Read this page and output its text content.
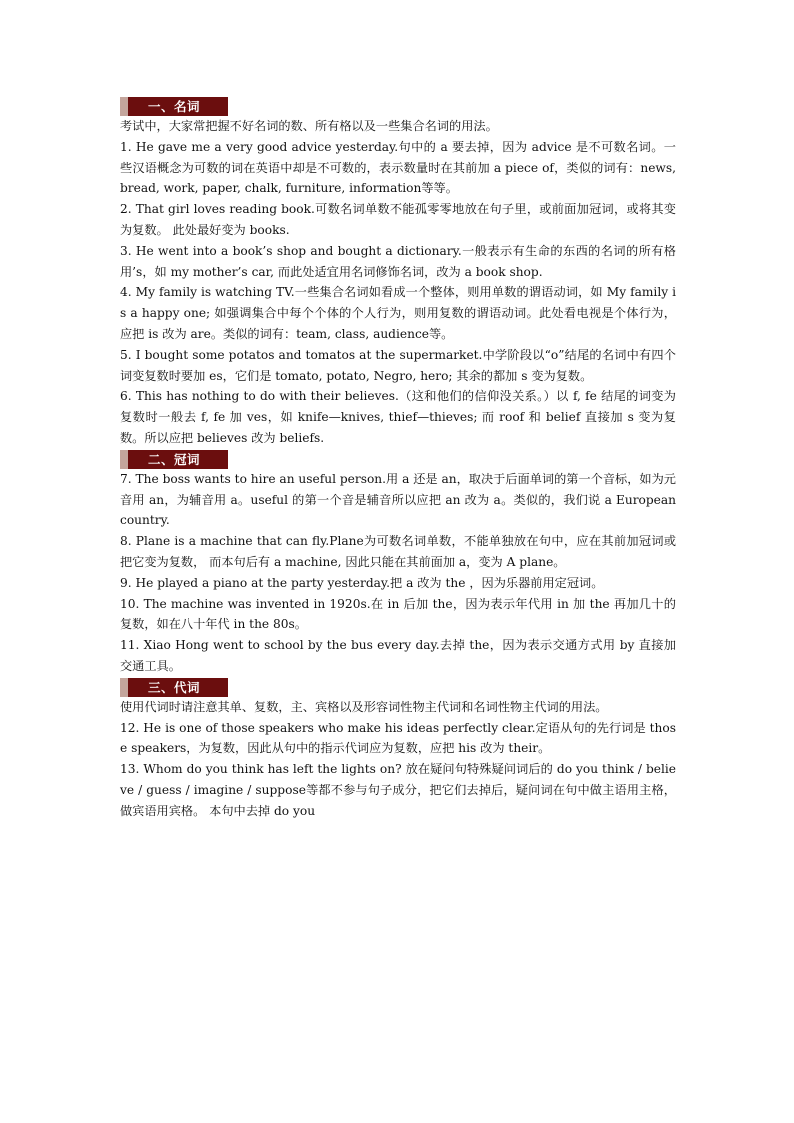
一、名词

考试中，大家常把握不好名词的数、所有格以及一些集合名词的用法。

1. He gave me a very good advice yesterday.句中的 a 要去掉，因为 advice 是不可数名词。一些汉语概念为可数的词在英语中却是不可数的，表示数量时在其前加 a piece of，类似的词有：news, bread, work, paper, chalk, furniture, information等等。

2. That girl loves reading book.可数名词单数不能孤零零地放在句子里，或前面加冠词，或将其变为复数。 此处最好变为 books.

3. He went into a book’s shop and bought a dictionary.一般表示有生命的东西的名词的所有格用’s，如 my mother’s car, 而此处适宜用名词修饰名词，改为 a book shop.

4. My family is watching TV.一些集合名词如看成一个整体，则用单数的谓语动词，如 My family is a happy one; 如强调集合中每个个体的个人行为，则用复数的谓语动词。此处看电视是个体行为， 应把 is 改为 are。类似的词有：team, class, audience等。

5. I bought some potatos and tomatos at the supermarket.中学阶段以“o”结尾的名词中有四个词变复数时要加 es，它们是 tomato, potato, Negro, hero; 其余的都加 s 变为复数。

6. This has nothing to do with their believes.（这和他们的信仰没关系。）以 f, fe 结尾的词变为复数时一般去 f, fe 加 ves，如 knife—knives, thief—thieves; 而 roof 和 belief 直接加 s 变为复数。所以应把 believes 改为 beliefs.

二、冠词

7. The boss wants to hire an useful person.用 a 还是 an，取决于后面单词的第一个音标，如为元音用 an，为辅音用 a。useful 的第一个音是辅音所以应把 an 改为 a。类似的，我们说 a European country.

8. Plane is a machine that can fly.Plane为可数名词单数，不能单独放在句中，应在其前加冠词或把它变为复数， 而本句后有 a machine, 因此只能在其前面加 a，变为 A plane。

9. He played a piano at the party yesterday.把 a 改为 the ，因为乐器前用定冠词。

10. The machine was invented in 1920s.在 in 后加 the，因为表示年代用 in 加 the 再加几十的复数，如在八十年代 in the 80s。

11. Xiao Hong went to school by the bus every day.去掉 the，因为表示交通方式用 by 直接加交通工具。

三、代词

使用代词时请注意其单、复数，主、宾格以及形容词性物主代词和名词性物主代词的用法。

12. He is one of those speakers who make his ideas perfectly clear.定语从句的先行词是 those speakers，为复数，因此从句中的指示代词应为复数，应把 his 改为 their。

13. Whom do you think has left the lights on? 放在疑问句特殊疑问词后的 do you think / believe / guess / imagine / suppose等都不参与句子成分，把它们去掉后，疑问词在句中做主语用主格，做宾语用宾格。 本句中去掉 do you
